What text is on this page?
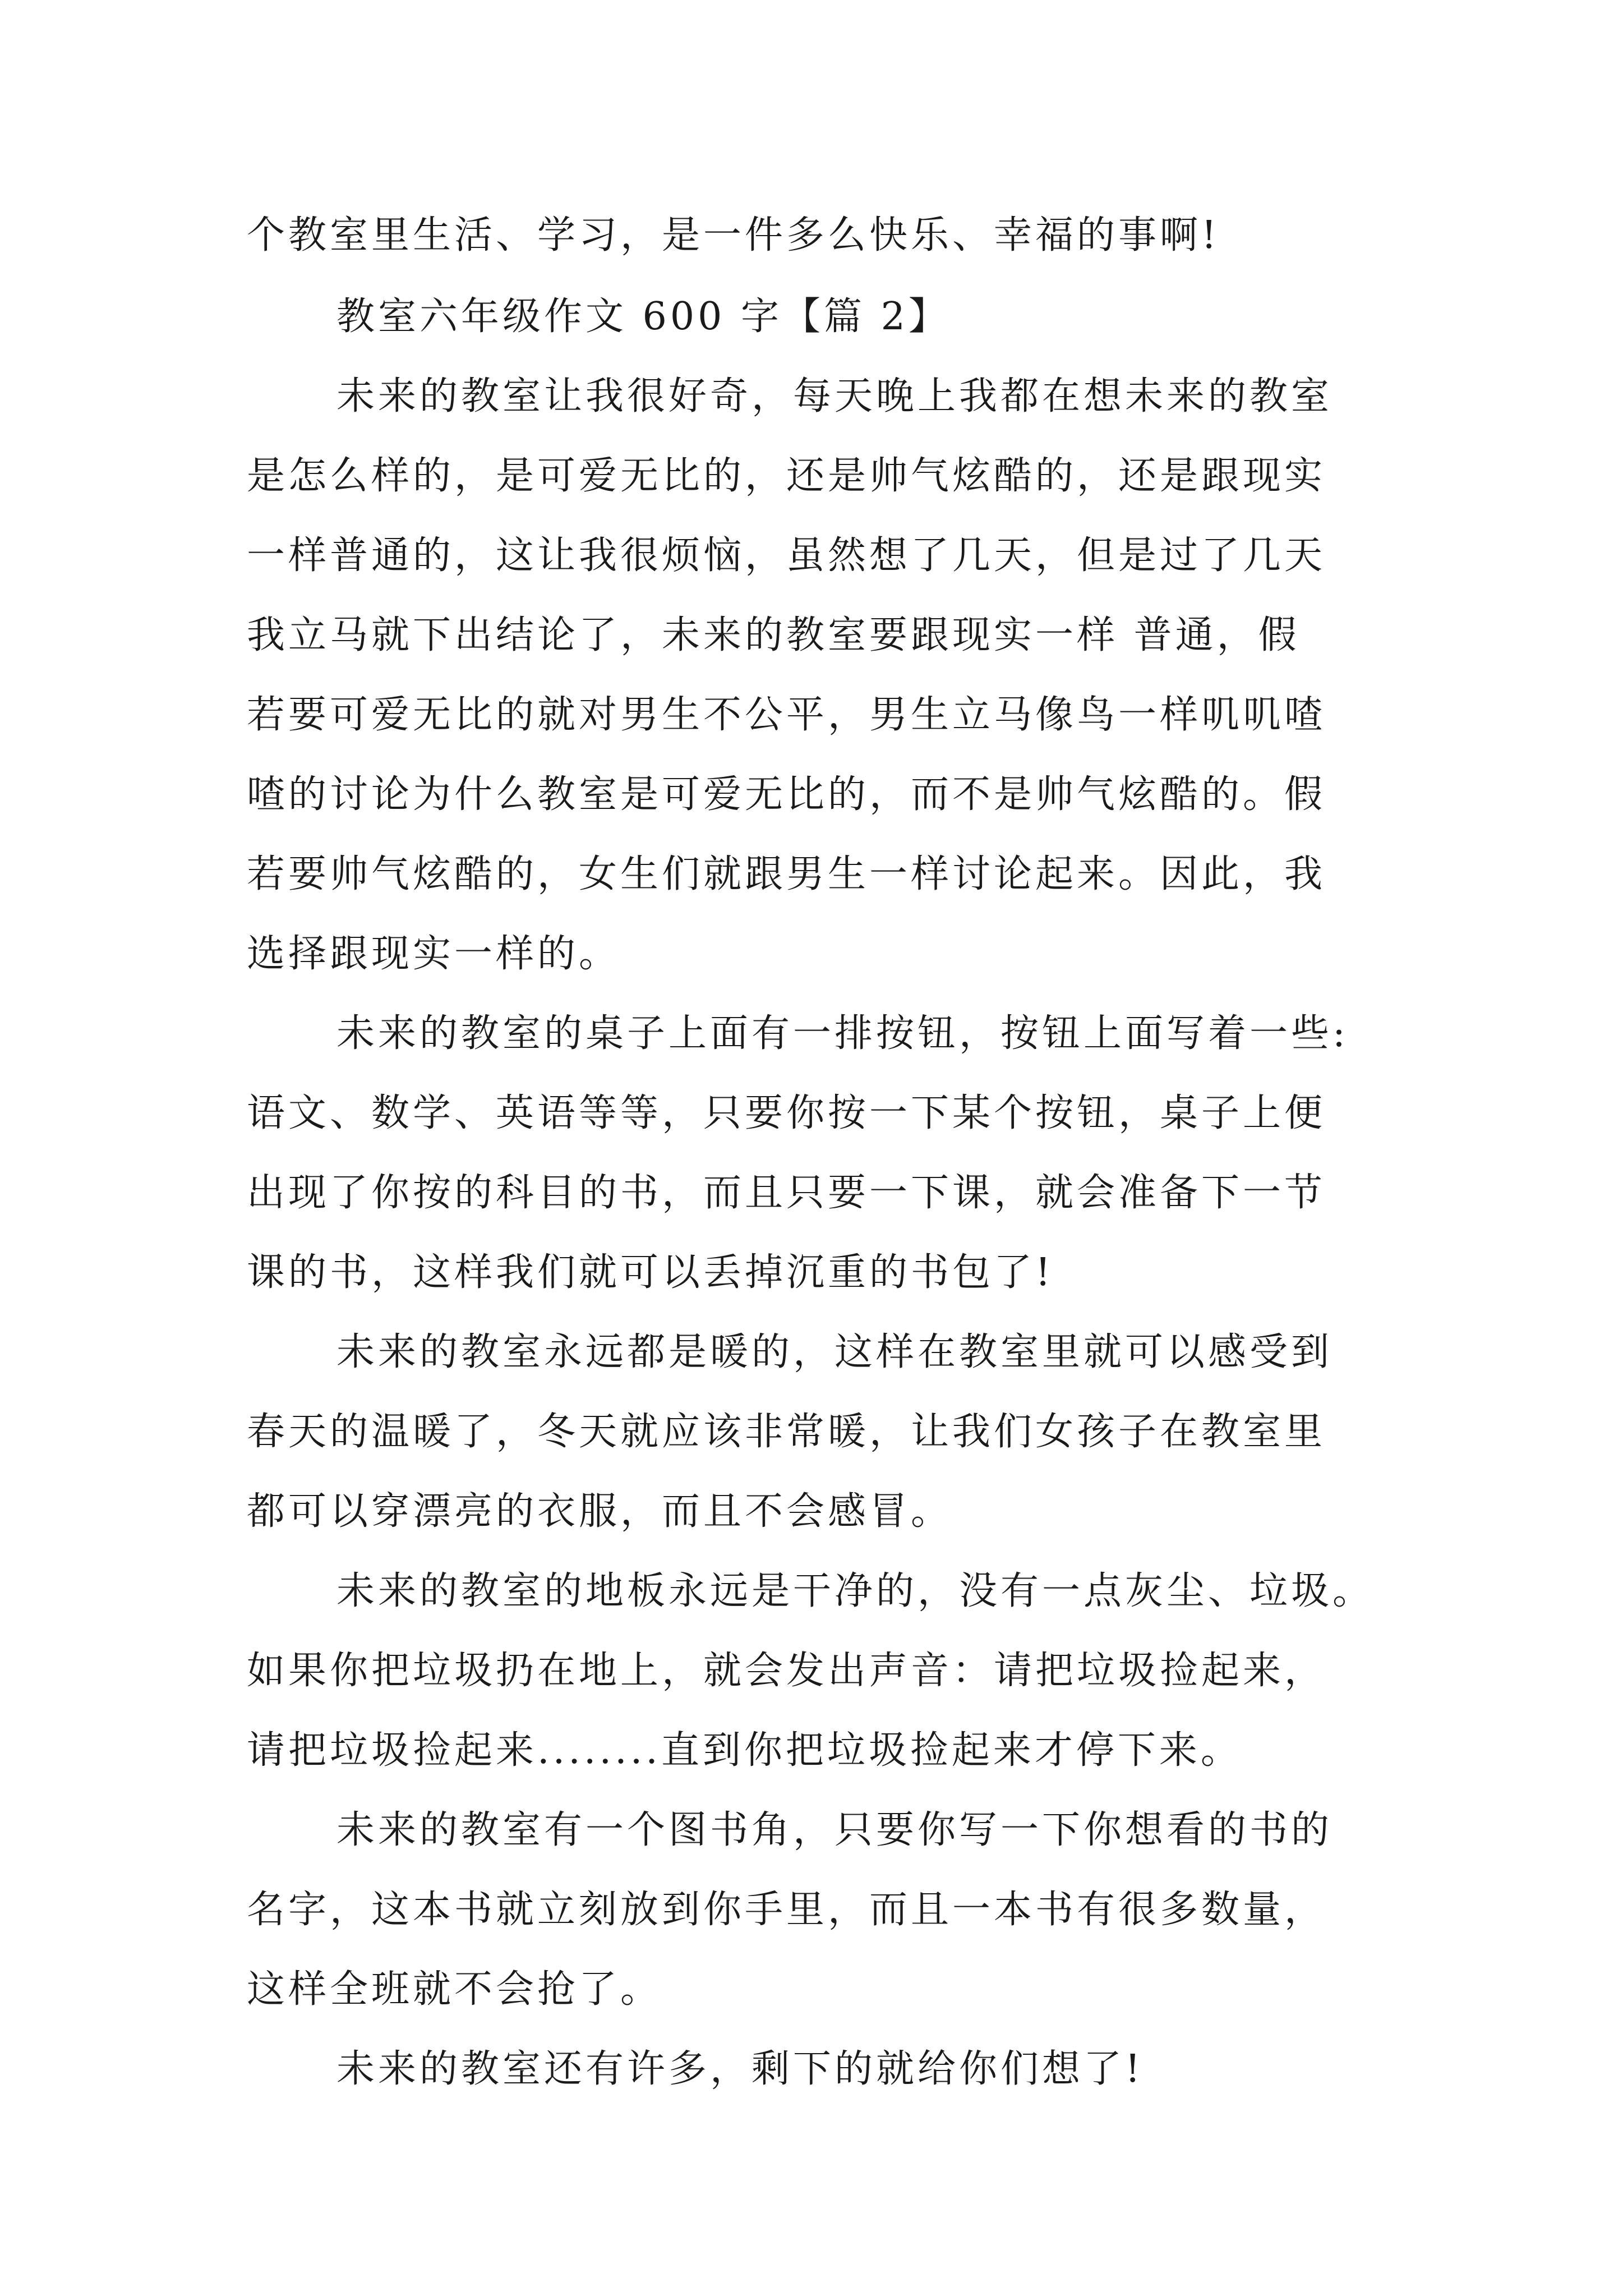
个教室里生活、学习，是一件多么快乐、幸福的事啊!
教室六年级作文 600 字【篇 2】
未来的教室让我很好奇，每天晚上我都在想未来的教室
是怎么样的，是可爱无比的，还是帅气炫酷的，还是跟现实
一样普通的，这让我很烦恼，虽然想了几天，但是过了几天
我立马就下出结论了，未来的教室要跟现实一样 普通，假
若要可爱无比的就对男生不公平，男生立马像鸟一样叽叽喳
喳的讨论为什么教室是可爱无比的，而不是帅气炫酷的。假
若要帅气炫酷的，女生们就跟男生一样讨论起来。因此，我
选择跟现实一样的。
未来的教室的桌子上面有一排按钮，按钮上面写着一些:
语文、数学、英语等等，只要你按一下某个按钮，桌子上便
出现了你按的科目的书，而且只要一下课，就会准备下一节
课的书，这样我们就可以丢掉沉重的书包了!
未来的教室永远都是暖的，这样在教室里就可以感受到
春天的温暖了，冬天就应该非常暖，让我们女孩子在教室里
都可以穿漂亮的衣服，而且不会感冒。
未来的教室的地板永远是干净的，没有一点灰尘、垃圾。
如果你把垃圾扔在地上，就会发出声音：请把垃圾捡起来，
请把垃圾捡起来........直到你把垃圾捡起来才停下来。
未来的教室有一个图书角，只要你写一下你想看的书的
名字，这本书就立刻放到你手里，而且一本书有很多数量，
这样全班就不会抢了。
未来的教室还有许多，剩下的就给你们想了!
